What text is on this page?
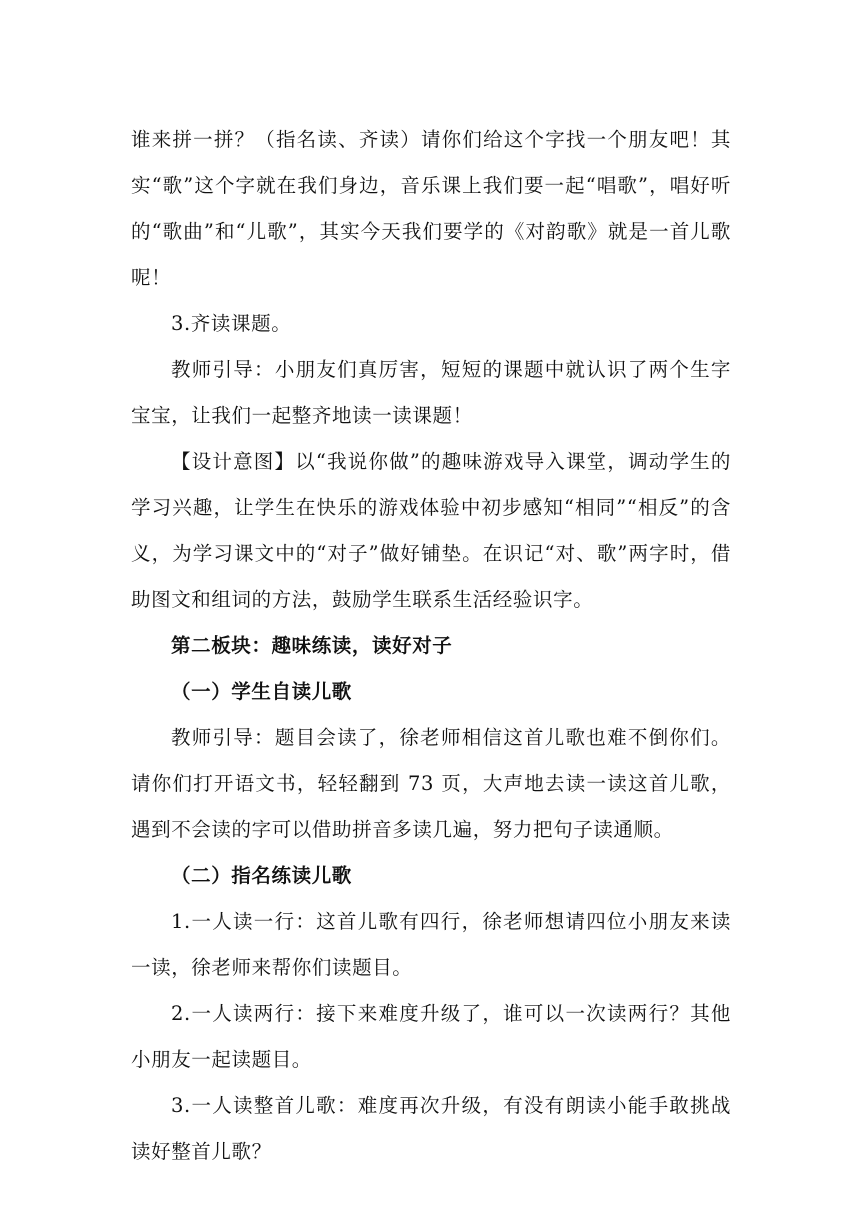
谁来拼一拼？（指名读、齐读）请你们给这个字找一个朋友吧！其实“歌”这个字就在我们身边，音乐课上我们要一起“唱歌”，唱好听的“歌曲”和“儿歌”，其实今天我们要学的《对韵歌》就是一首儿歌呢！

3.齐读课题。

教师引导：小朋友们真厉害，短短的课题中就认识了两个生字宝宝，让我们一起整齐地读一读课题！

【设计意图】以“我说你做”的趣味游戏导入课堂，调动学生的学习兴趣，让学生在快乐的游戏体验中初步感知“相同”“相反”的含义，为学习课文中的“对子”做好铺垫。在识记“对、歌”两字时，借助图文和组词的方法，鼓励学生联系生活经验识字。

第二板块：趣味练读，读好对子

（一）学生自读儿歌

教师引导：题目会读了，徐老师相信这首儿歌也难不倒你们。请你们打开语文书，轻轻翻到 73 页，大声地去读一读这首儿歌，遇到不会读的字可以借助拼音多读几遍，努力把句子读通顺。

（二）指名练读儿歌

1.一人读一行：这首儿歌有四行，徐老师想请四位小朋友来读一读，徐老师来帮你们读题目。

2.一人读两行：接下来难度升级了，谁可以一次读两行？其他小朋友一起读题目。

3.一人读整首儿歌：难度再次升级，有没有朗读小能手敢挑战读好整首儿歌？
